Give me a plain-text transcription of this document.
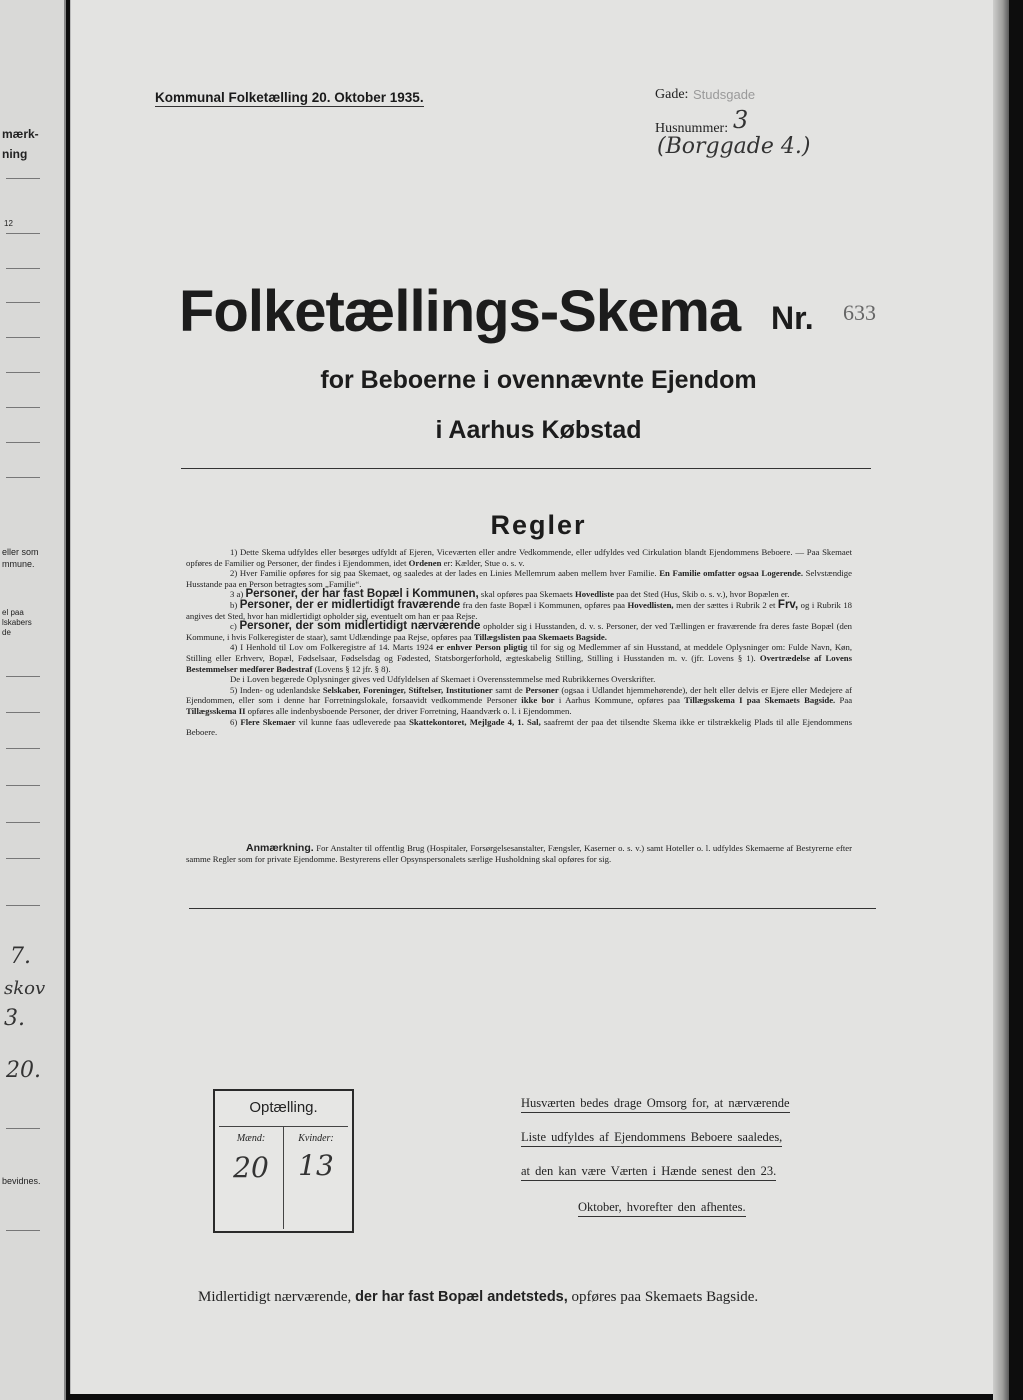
mærk-
ning
12
eller som
mmune.
el paa
lskabers
de
7.
skov
3.
20.
bevidnes.
Kommunal Folketælling 20. Oktober 1935.	Gade: Studsgade
Husnummer: 3
(Borggade 4.)
Folketællings-Skema Nr. 633
for Beboerne i ovennævnte Ejendom
i Aarhus Købstad
Regler

1) Dette Skema udfyldes eller besørges udfyldt af Ejeren, Viceværten eller andre Vedkommende, eller udfyldes ved Cirkulation blandt Ejendommens Beboere. — Paa Skemaet opføres de Familier og Personer, der findes i Ejendommen, idet Ordenen er: Kælder, Stue o. s. v.

2) Hver Familie opføres for sig paa Skemaet, og saaledes at der lades en Linies Mellemrum aaben mellem hver Familie. En Familie omfatter ogsaa Logerende. Selvstændige Husstande paa en Person betragtes som „Familie“.

3 a) Personer, der har fast Bopæl i Kommunen, skal opføres paa Skemaets Hovedliste paa det Sted (Hus, Skib o. s. v.), hvor Bopælen er.

b) Personer, der er midlertidigt fraværende fra den faste Bopæl i Kommunen, opføres paa Hovedlisten, men der sættes i Rubrik 2 et Frv, og i Rubrik 18 angives det Sted, hvor han midlertidigt opholder sig, eventuelt om han er paa Rejse.

c) Personer, der som midlertidigt nærværende opholder sig i Husstanden, d. v. s. Personer, der ved Tællingen er fraværende fra deres faste Bopæl (den Kommune, i hvis Folkeregister de staar), samt Udlændinge paa Rejse, opføres paa Tillægslisten paa Skemaets Bagside.

4) I Henhold til Lov om Folkeregistre af 14. Marts 1924 er enhver Person pligtig til for sig og Medlemmer af sin Husstand, at meddele Oplysninger om: Fulde Navn, Køn, Stilling eller Erhverv, Bopæl, Fødselsaar, Fødselsdag og Fødested, Statsborgerforhold, ægteskabelig Stilling, Stilling i Husstanden m. v. (jfr. Lovens § 1). Overtrædelse af Lovens Bestemmelser medfører Bødestraf (Lovens § 12 jfr. § 8).

De i Loven begærede Oplysninger gives ved Udfyldelsen af Skemaet i Overensstemmelse med Rubrikkernes Overskrifter.

5) Inden- og udenlandske Selskaber, Foreninger, Stiftelser, Institutioner samt de Personer (ogsaa i Udlandet hjemmehørende), der helt eller delvis er Ejere eller Medejere af Ejendommen, eller som i denne har Forretningslokale, forsaavidt vedkommende Personer ikke bor i Aarhus Kommune, opføres paa Tillægsskema I paa Skemaets Bagside. Paa Tillægsskema II opføres alle indenbysboende Personer, der driver Forretning, Haandværk o. l. i Ejendommen.

6) Flere Skemaer vil kunne faas udleverede paa Skattekontoret, Mejlgade 4, 1. Sal, saafremt der paa det tilsendte Skema ikke er tilstrækkelig Plads til alle Ejendommens Beboere.

Anmærkning. For Anstalter til offentlig Brug (Hospitaler, Forsørgelsesanstalter, Fængsler, Kaserner o. s. v.) samt Hoteller o. l. udfyldes Skemaerne af Bestyrerne efter samme Regler som for private Ejendomme. Bestyrerens eller Opsynspersonalets særlige Husholdning skal opføres for sig.

Optælling.
Mænd:	Kvinder:
20	13
Husværten bedes drage Omsorg for, at nærværende
Liste udfyldes af Ejendommens Beboere saaledes,
at den kan være Værten i Hænde senest den 23.
Oktober, hvorefter den afhentes.
Midlertidigt nærværende, der har fast Bopæl andetsteds, opføres paa Skemaets Bagside.
